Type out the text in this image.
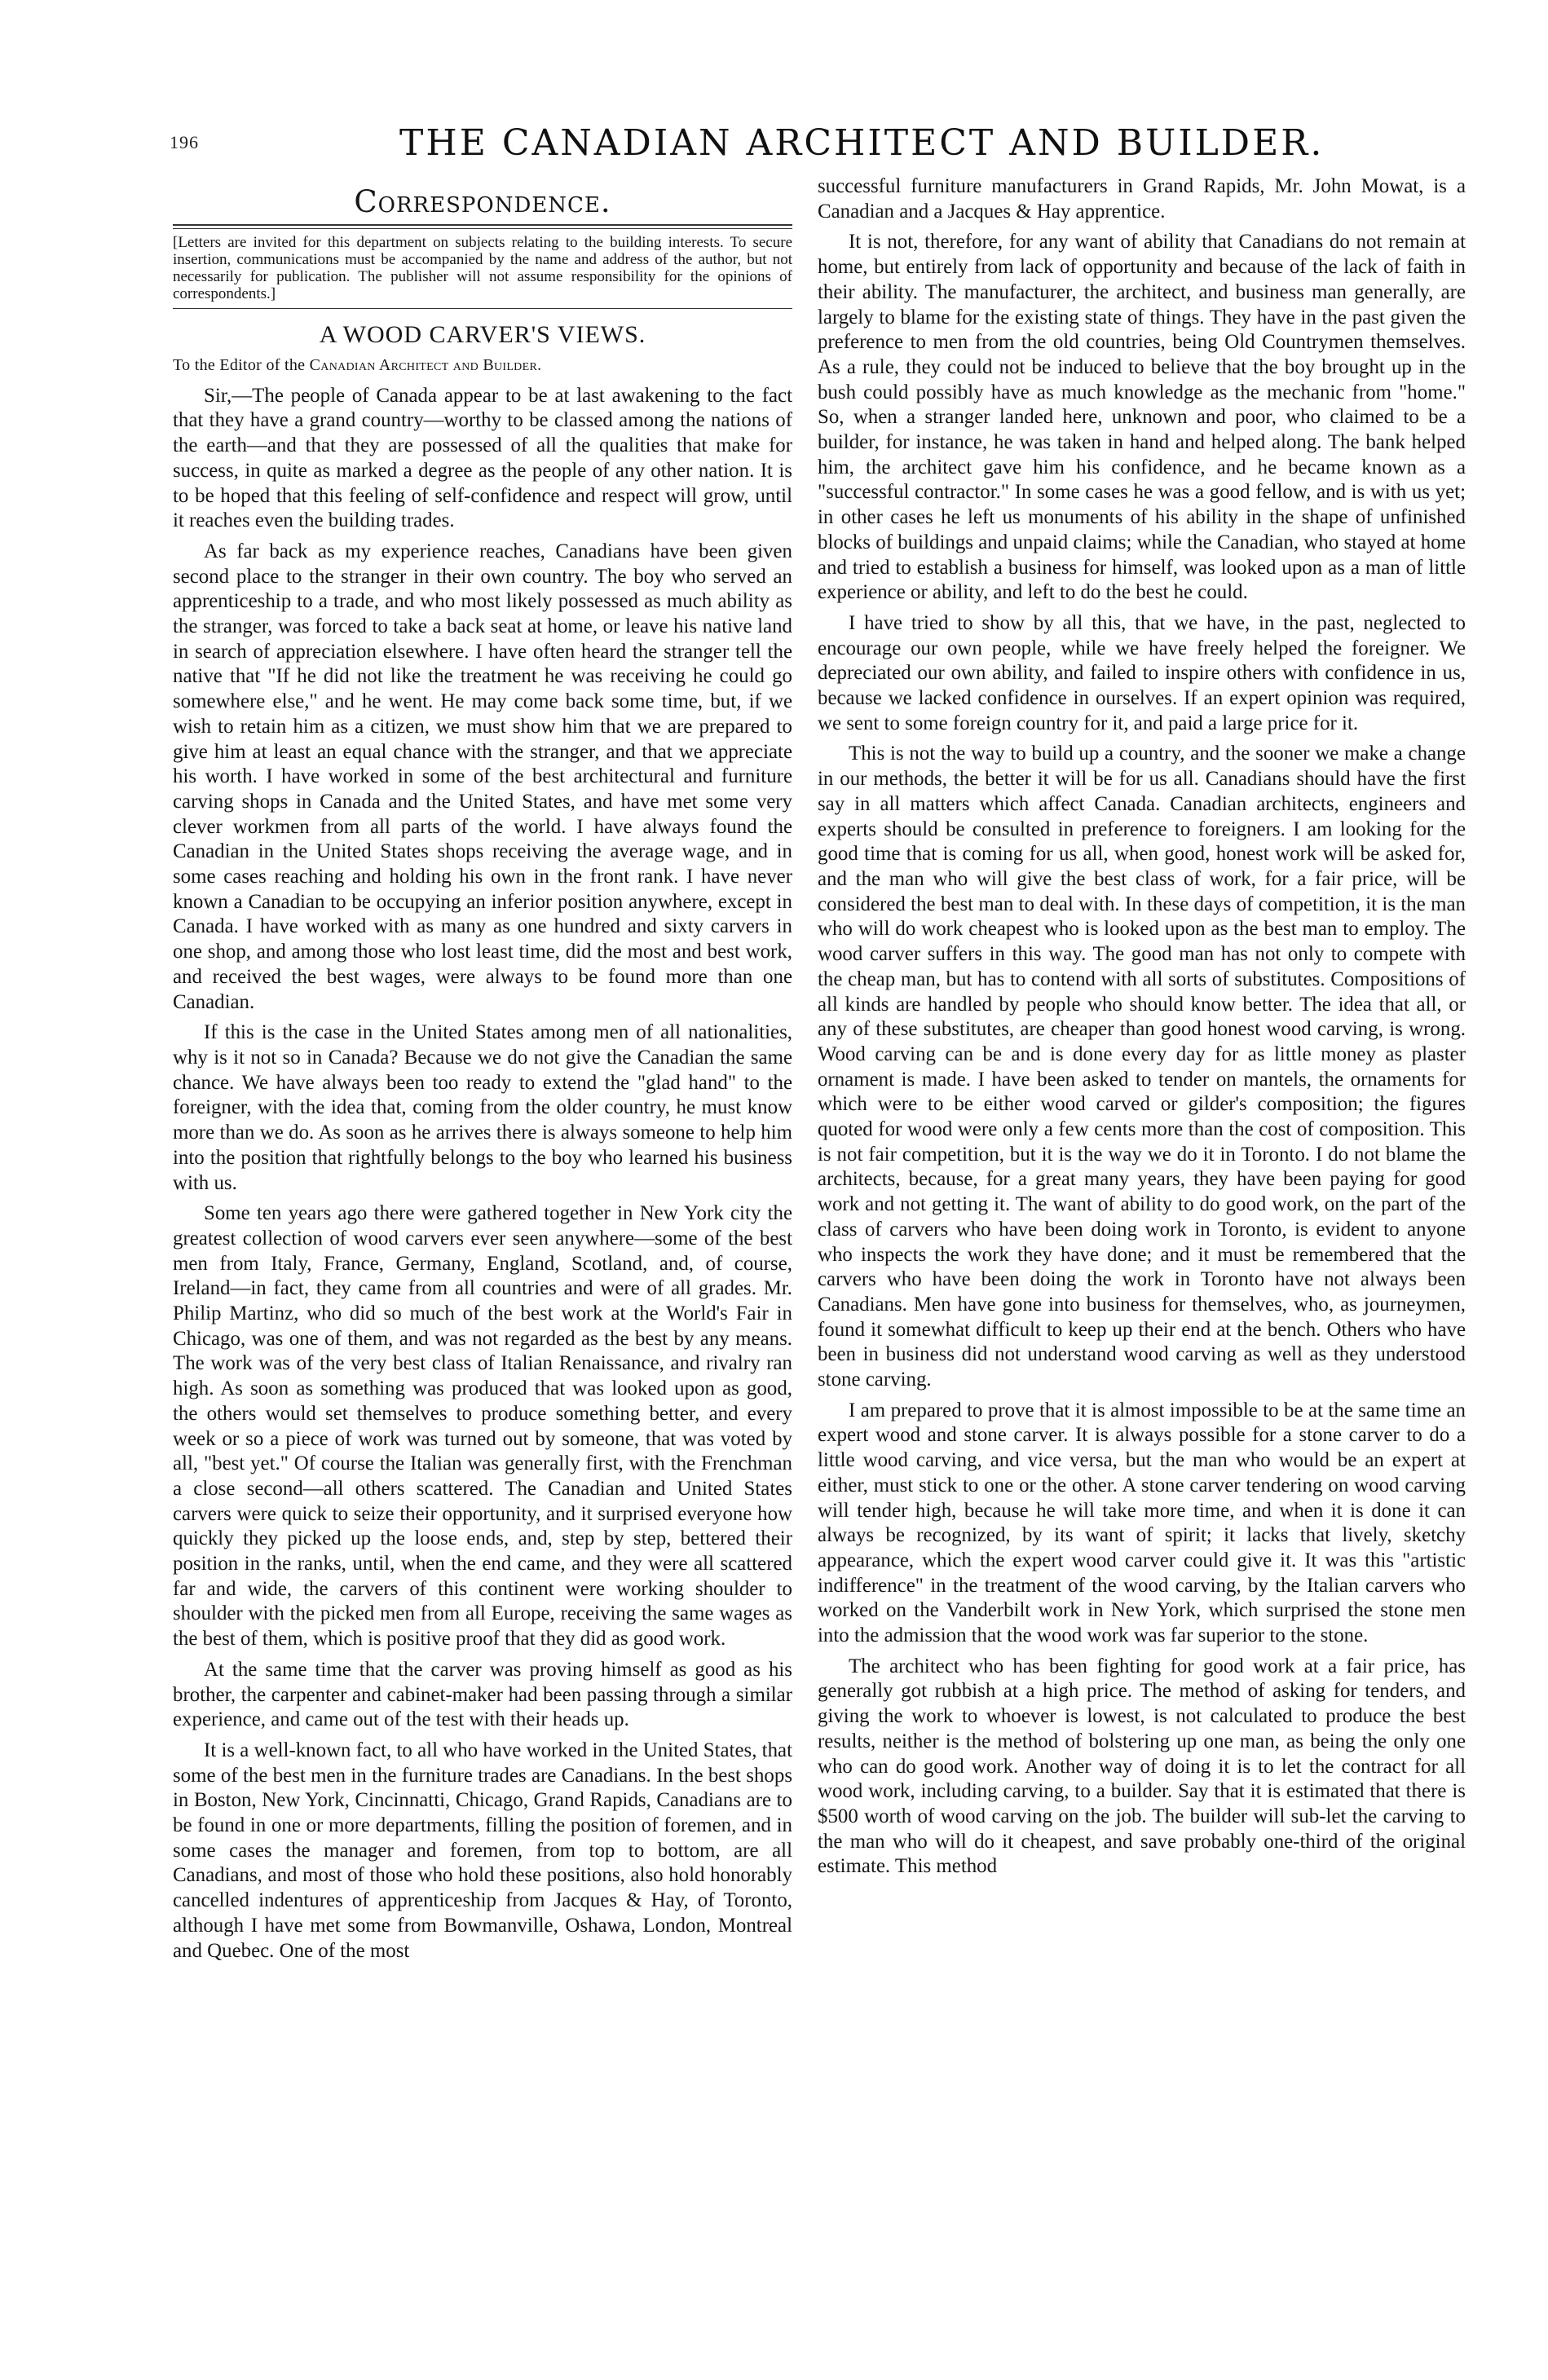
196	THE CANADIAN ARCHITECT AND BUILDER.
Correspondence.

[Letters are invited for this department on subjects relating to the building interests. To secure insertion, communications must be accompanied by the name and address of the author, but not necessarily for publication. The publisher will not assume responsibility for the opinions of correspondents.]

A WOOD CARVER'S VIEWS.

To the Editor of the Canadian Architect and Builder.

Sir,—The people of Canada appear to be at last awakening to the fact that they have a grand country—worthy to be classed among the nations of the earth—and that they are possessed of all the qualities that make for success, in quite as marked a degree as the people of any other nation. It is to be hoped that this feeling of self-confidence and respect will grow, until it reaches even the building trades.

As far back as my experience reaches, Canadians have been given second place to the stranger in their own country. The boy who served an apprenticeship to a trade, and who most likely possessed as much ability as the stranger, was forced to take a back seat at home, or leave his native land in search of appreciation elsewhere. I have often heard the stranger tell the native that "If he did not like the treatment he was receiving he could go somewhere else," and he went. He may come back some time, but, if we wish to retain him as a citizen, we must show him that we are prepared to give him at least an equal chance with the stranger, and that we appreciate his worth. I have worked in some of the best architectural and furniture carving shops in Canada and the United States, and have met some very clever workmen from all parts of the world. I have always found the Canadian in the United States shops receiving the average wage, and in some cases reaching and holding his own in the front rank. I have never known a Canadian to be occupying an inferior position anywhere, except in Canada. I have worked with as many as one hundred and sixty carvers in one shop, and among those who lost least time, did the most and best work, and received the best wages, were always to be found more than one Canadian.

If this is the case in the United States among men of all nationalities, why is it not so in Canada? Because we do not give the Canadian the same chance. We have always been too ready to extend the "glad hand" to the foreigner, with the idea that, coming from the older country, he must know more than we do. As soon as he arrives there is always someone to help him into the position that rightfully belongs to the boy who learned his business with us.

Some ten years ago there were gathered together in New York city the greatest collection of wood carvers ever seen anywhere—some of the best men from Italy, France, Germany, England, Scotland, and, of course, Ireland—in fact, they came from all countries and were of all grades. Mr. Philip Martinz, who did so much of the best work at the World's Fair in Chicago, was one of them, and was not regarded as the best by any means. The work was of the very best class of Italian Renaissance, and rivalry ran high. As soon as something was produced that was looked upon as good, the others would set themselves to produce something better, and every week or so a piece of work was turned out by someone, that was voted by all, "best yet." Of course the Italian was generally first, with the Frenchman a close second—all others scattered. The Canadian and United States carvers were quick to seize their opportunity, and it surprised everyone how quickly they picked up the loose ends, and, step by step, bettered their position in the ranks, until, when the end came, and they were all scattered far and wide, the carvers of this continent were working shoulder to shoulder with the picked men from all Europe, receiving the same wages as the best of them, which is positive proof that they did as good work.

At the same time that the carver was proving himself as good as his brother, the carpenter and cabinet-maker had been passing through a similar experience, and came out of the test with their heads up.

It is a well-known fact, to all who have worked in the United States, that some of the best men in the furniture trades are Canadians. In the best shops in Boston, New York, Cincinnatti, Chicago, Grand Rapids, Canadians are to be found in one or more departments, filling the position of foremen, and in some cases the manager and foremen, from top to bottom, are all Canadians, and most of those who hold these positions, also hold honorably cancelled indentures of apprenticeship from Jacques & Hay, of Toronto, although I have met some from Bowmanville, Oshawa, London, Montreal and Quebec. One of the most

successful furniture manufacturers in Grand Rapids, Mr. John Mowat, is a Canadian and a Jacques & Hay apprentice.

It is not, therefore, for any want of ability that Canadians do not remain at home, but entirely from lack of opportunity and because of the lack of faith in their ability. The manufacturer, the architect, and business man generally, are largely to blame for the existing state of things. They have in the past given the preference to men from the old countries, being Old Countrymen themselves. As a rule, they could not be induced to believe that the boy brought up in the bush could possibly have as much knowledge as the mechanic from "home." So, when a stranger landed here, unknown and poor, who claimed to be a builder, for instance, he was taken in hand and helped along. The bank helped him, the architect gave him his confidence, and he became known as a "successful contractor." In some cases he was a good fellow, and is with us yet; in other cases he left us monuments of his ability in the shape of unfinished blocks of buildings and unpaid claims; while the Canadian, who stayed at home and tried to establish a business for himself, was looked upon as a man of little experience or ability, and left to do the best he could.

I have tried to show by all this, that we have, in the past, neglected to encourage our own people, while we have freely helped the foreigner. We depreciated our own ability, and failed to inspire others with confidence in us, because we lacked confidence in ourselves. If an expert opinion was required, we sent to some foreign country for it, and paid a large price for it.

This is not the way to build up a country, and the sooner we make a change in our methods, the better it will be for us all. Canadians should have the first say in all matters which affect Canada. Canadian architects, engineers and experts should be consulted in preference to foreigners. I am looking for the good time that is coming for us all, when good, honest work will be asked for, and the man who will give the best class of work, for a fair price, will be considered the best man to deal with. In these days of competition, it is the man who will do work cheapest who is looked upon as the best man to employ. The wood carver suffers in this way. The good man has not only to compete with the cheap man, but has to contend with all sorts of substitutes. Compositions of all kinds are handled by people who should know better. The idea that all, or any of these substitutes, are cheaper than good honest wood carving, is wrong. Wood carving can be and is done every day for as little money as plaster ornament is made. I have been asked to tender on mantels, the ornaments for which were to be either wood carved or gilder's composition; the figures quoted for wood were only a few cents more than the cost of composition. This is not fair competition, but it is the way we do it in Toronto. I do not blame the architects, because, for a great many years, they have been paying for good work and not getting it. The want of ability to do good work, on the part of the class of carvers who have been doing work in Toronto, is evident to anyone who inspects the work they have done; and it must be remembered that the carvers who have been doing the work in Toronto have not always been Canadians. Men have gone into business for themselves, who, as journeymen, found it somewhat difficult to keep up their end at the bench. Others who have been in business did not understand wood carving as well as they understood stone carving.

I am prepared to prove that it is almost impossible to be at the same time an expert wood and stone carver. It is always possible for a stone carver to do a little wood carving, and vice versa, but the man who would be an expert at either, must stick to one or the other. A stone carver tendering on wood carving will tender high, because he will take more time, and when it is done it can always be recognized, by its want of spirit; it lacks that lively, sketchy appearance, which the expert wood carver could give it. It was this "artistic indifference" in the treatment of the wood carving, by the Italian carvers who worked on the Vanderbilt work in New York, which surprised the stone men into the admission that the wood work was far superior to the stone.

The architect who has been fighting for good work at a fair price, has generally got rubbish at a high price. The method of asking for tenders, and giving the work to whoever is lowest, is not calculated to produce the best results, neither is the method of bolstering up one man, as being the only one who can do good work. Another way of doing it is to let the contract for all wood work, including carving, to a builder. Say that it is estimated that there is $500 worth of wood carving on the job. The builder will sub-let the carving to the man who will do it cheapest, and save probably one-third of the original estimate. This method
